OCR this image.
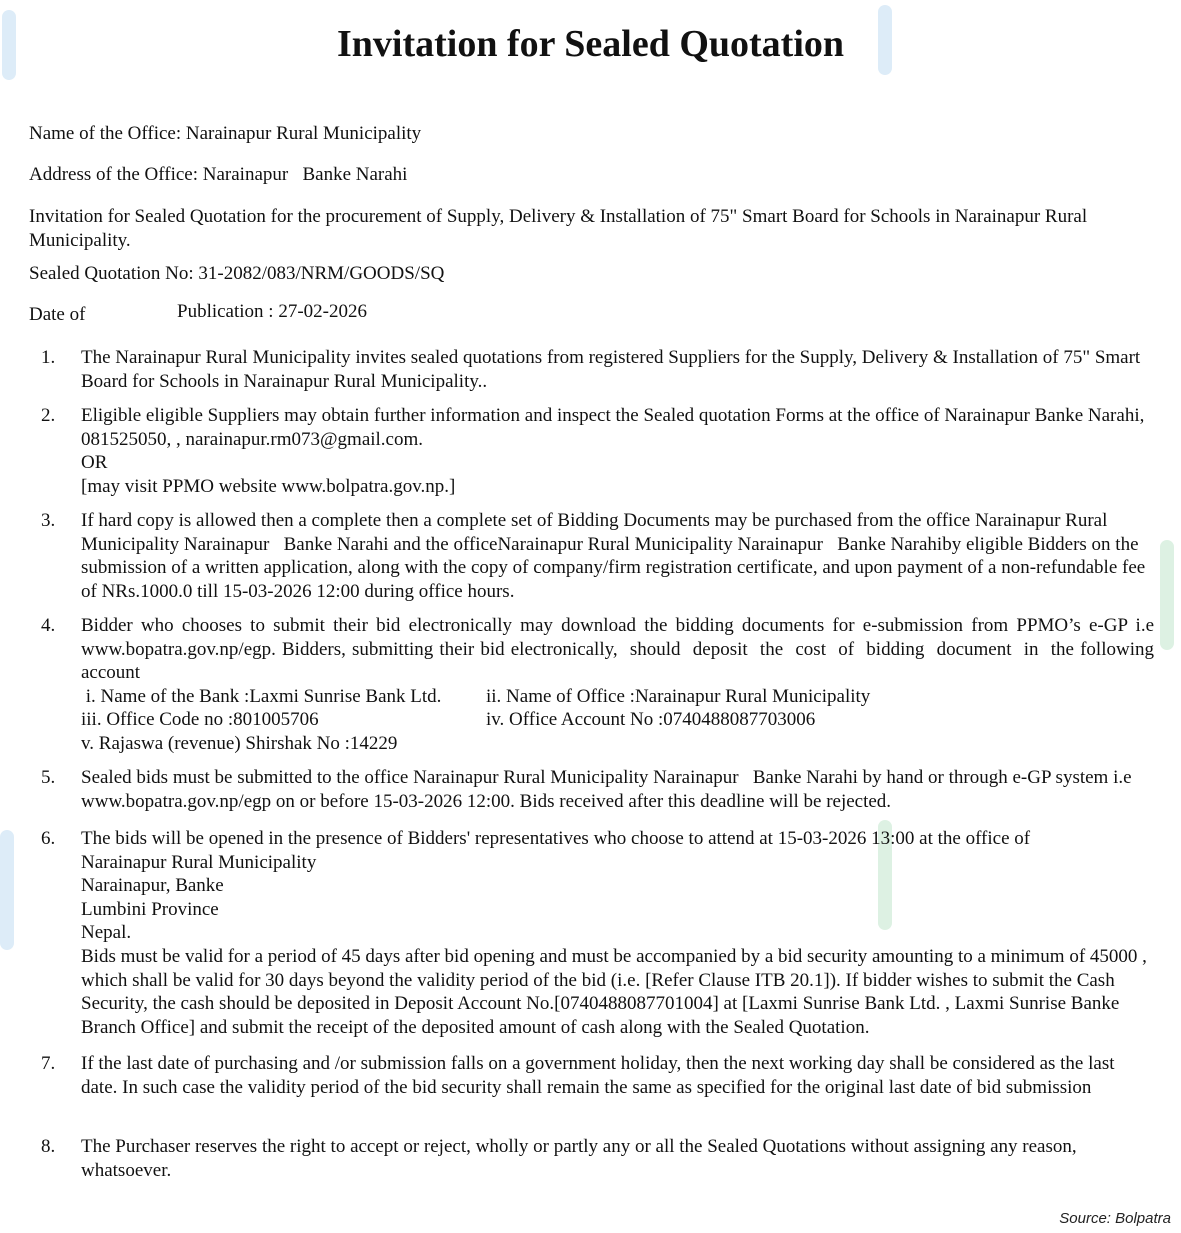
Invitation for Sealed Quotation

Name of the Office: Narainapur Rural Municipality

Address of the Office: Narainapur   Banke Narahi

Invitation for Sealed Quotation for the procurement of Supply, Delivery & Installation of 75" Smart Board for Schools in Narainapur Rural Municipality.

Sealed Quotation No: 31-2082/083/NRM/GOODS/SQ

Date of	Publication : 27-02-2026
1. The Narainapur Rural Municipality invites sealed quotations from registered Suppliers for the Supply, Delivery & Installation of 75" Smart Board for Schools in Narainapur Rural Municipality..
2. Eligible eligible Suppliers may obtain further information and inspect the Sealed quotation Forms at the office of Narainapur Banke Narahi, 081525050, , narainapur.rm073@gmail.com.
OR
[may visit PPMO website www.bolpatra.gov.np.]
3. If hard copy is allowed then a complete then a complete set of Bidding Documents may be purchased from the office Narainapur Rural Municipality Narainapur   Banke Narahi and the officeNarainapur Rural Municipality Narainapur   Banke Narahiby eligible Bidders on the submission of a written application, along with the copy of company/firm registration certificate, and upon payment of a non-refundable fee of NRs.1000.0 till 15-03-2026 12:00 during office hours.
4. Bidder who chooses to submit their bid electronically may download the bidding documents for e-submission from PPMO’s e-GP i.e www.bopatra.gov.np/egp. Bidders, submitting their bid electronically,  should  deposit  the  cost  of  bidding  document  in  the following account
i. Name of the Bank :Laxmi Sunrise Bank Ltd.	ii. Name of Office :Narainapur Rural Municipality
iii. Office Code no :801005706	iv. Office Account No :0740488087703006
v. Rajaswa (revenue) Shirshak No :14229
5. Sealed bids must be submitted to the office Narainapur Rural Municipality Narainapur   Banke Narahi by hand or through e-GP system i.e www.bopatra.gov.np/egp on or before 15-03-2026 12:00. Bids received after this deadline will be rejected.
6. The bids will be opened in the presence of Bidders' representatives who choose to attend at 15-03-2026 13:00 at the office of
Narainapur Rural Municipality
Narainapur, Banke
Lumbini Province
Nepal.
Bids must be valid for a period of 45 days after bid opening and must be accompanied by a bid security amounting to a minimum of 45000 , which shall be valid for 30 days beyond the validity period of the bid (i.e. [Refer Clause ITB 20.1]). If bidder wishes to submit the Cash Security, the cash should be deposited in Deposit Account No.[0740488087701004] at [Laxmi Sunrise Bank Ltd. , Laxmi Sunrise Banke Branch Office] and submit the receipt of the deposited amount of cash along with the Sealed Quotation.
7. If the last date of purchasing and /or submission falls on a government holiday, then the next working day shall be considered as the last date. In such case the validity period of the bid security shall remain the same as specified for the original last date of bid submission
8. The Purchaser reserves the right to accept or reject, wholly or partly any or all the Sealed Quotations without assigning any reason, whatsoever.
Source: Bolpatra
